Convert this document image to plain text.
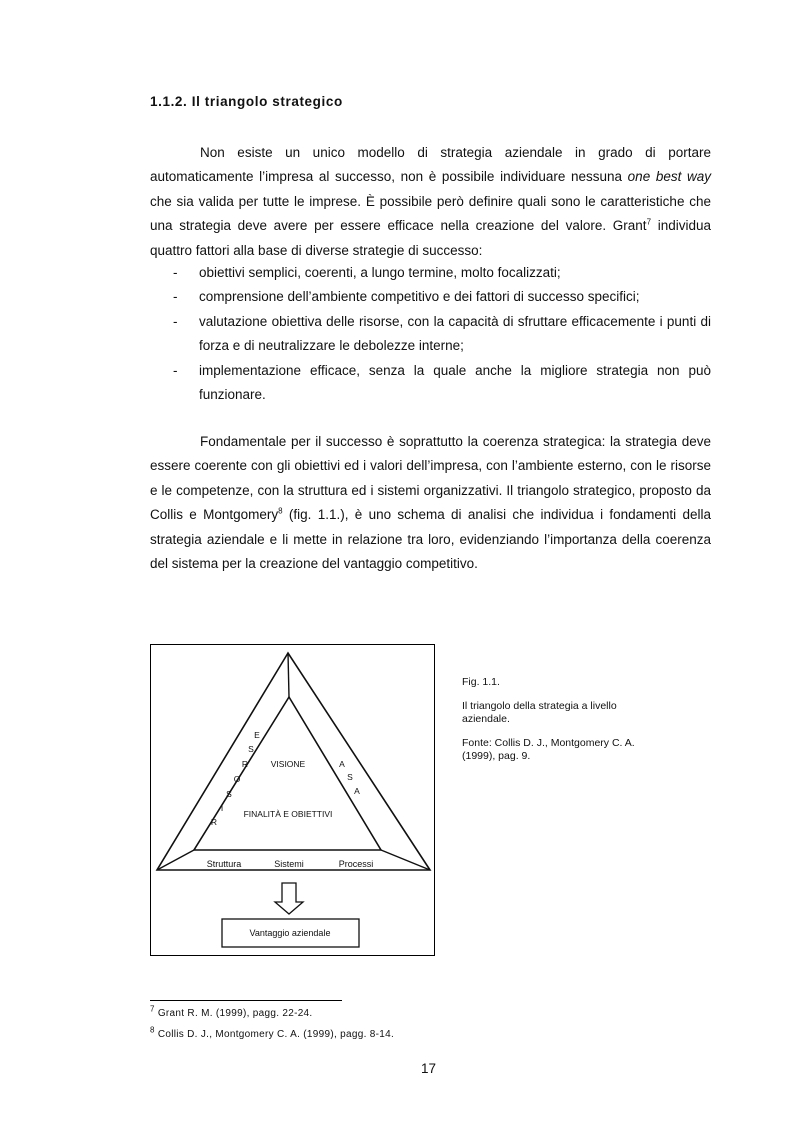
1.1.2. Il triangolo strategico

Non esiste un unico modello di strategia aziendale in grado di portare automaticamente l’impresa al successo, non è possibile individuare nessuna one best way che sia valida per tutte le imprese. È possibile però definire quali sono le caratteristiche che una strategia deve avere per essere efficace nella creazione del valore. Grant$^7$ individua quattro fattori alla base di diverse strategie di successo:

- obiettivi semplici, coerenti, a lungo termine, molto focalizzati;
- comprensione dell’ambiente competitivo e dei fattori di successo specifici;
- valutazione obiettiva delle risorse, con la capacità di sfruttare efficacemente i punti di forza e di neutralizzare le debolezze interne;
- implementazione efficace, senza la quale anche la migliore strategia non può funzionare.

Fondamentale per il successo è soprattutto la coerenza strategica: la strategia deve essere coerente con gli obiettivi ed i valori dell’impresa, con l’ambiente esterno, con le risorse e le competenze, con la struttura ed i sistemi organizzativi. Il triangolo strategico, proposto da Collis e Montgomery$^8$ (fig. 1.1.), è uno schema di analisi che individua i fondamenti della strategia aziendale e li mette in relazione tra loro, evidenziando l’importanza della coerenza del sistema per la creazione del vantaggio competitivo.

VISIONE
FINALITÀ E OBIETTIVI
E
S
R
O
S
I
R
A
S
A
Struttura	Sistemi	Processi
Vantaggio aziendale

Fig. 1.1.

Il triangolo della strategia a livello aziendale.

Fonte: Collis D. J., Montgomery C. A. (1999), pag. 9.

$^7$ Grant R. M. (1999), pagg. 22-24.
$^8$ Collis D. J., Montgomery C. A. (1999), pagg. 8-14.
17
